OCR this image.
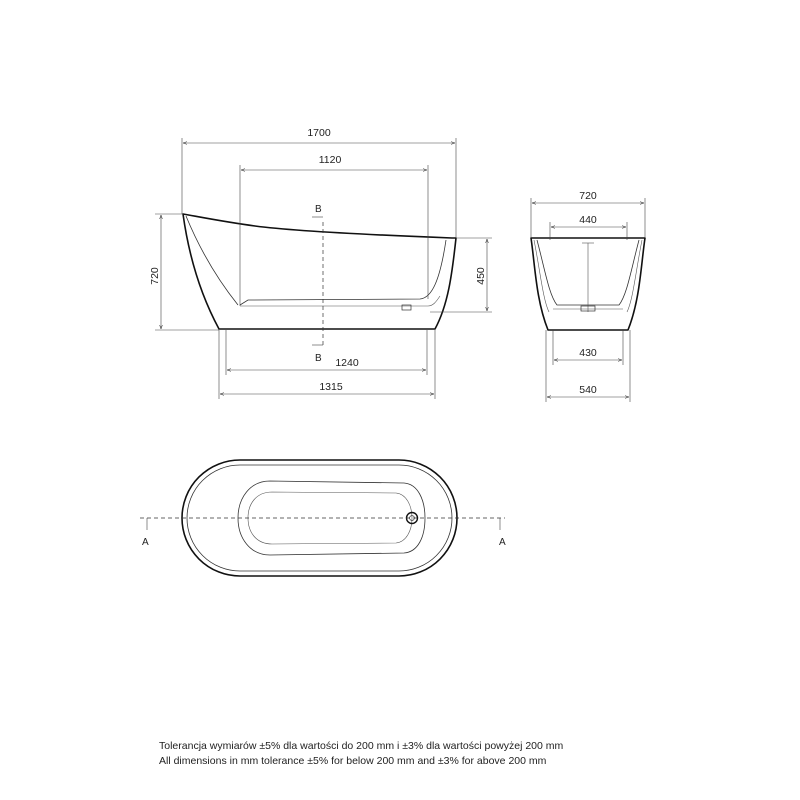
B
B
1700
1120
720	450
1240
1315
720
440
430
540
A	A
Tolerancja wymiarów ±5% dla wartości do 200 mm i ±3% dla wartości powyżej 200 mm
All dimensions in mm tolerance ±5% for below 200 mm and ±3% for above 200 mm
